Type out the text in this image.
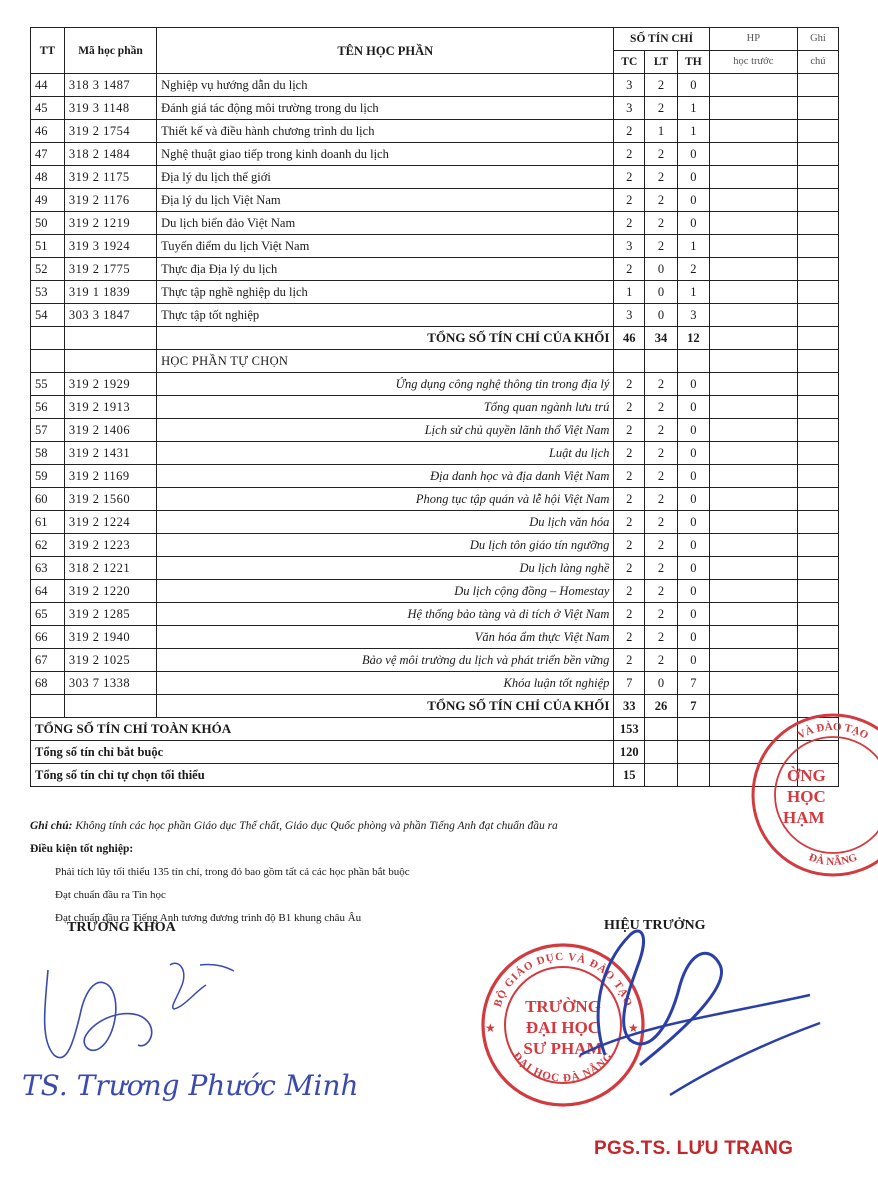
TT	Mã học phần	TÊN HỌC PHẦN	SỐ TÍN CHỈ			HP	Ghi
			TC	LT	TH	học trước	chú
44	318 3 1487	Nghiệp vụ hướng dẫn du lịch	3	2	0		
45	319 3 1148	Đánh giá tác động môi trường trong du lịch	3	2	1		
46	319 2 1754	Thiết kế và điều hành chương trình du lịch	2	1	1		
47	318 2 1484	Nghệ thuật giao tiếp trong kinh doanh du lịch	2	2	0		
48	319 2 1175	Địa lý du lịch thế giới	2	2	0		
49	319 2 1176	Địa lý du lịch Việt Nam	2	2	0		
50	319 2 1219	Du lịch biển đảo Việt Nam	2	2	0		
51	319 3 1924	Tuyến điểm du lịch Việt Nam	3	2	1		
52	319 2 1775	Thực địa Địa lý du lịch	2	0	2		
53	319 1 1839	Thực tập nghề nghiệp du lịch	1	0	1		
54	303 3 1847	Thực tập tốt nghiệp	3	0	3		
		TỔNG SỐ TÍN CHỈ CỦA KHỐI	46	34	12		
		HỌC PHẦN TỰ CHỌN					
55	319 2 1929	Ứng dụng công nghệ thông tin trong địa lý	2	2	0		
56	319 2 1913	Tổng quan ngành lưu trú	2	2	0		
57	319 2 1406	Lịch sử chủ quyền lãnh thổ Việt Nam	2	2	0		
58	319 2 1431	Luật du lịch	2	2	0		
59	319 2 1169	Địa danh học và địa danh Việt Nam	2	2	0		
60	319 2 1560	Phong tục tập quán và lễ hội Việt Nam	2	2	0		
61	319 2 1224	Du lịch văn hóa	2	2	0		
62	319 2 1223	Du lịch tôn giáo tín ngưỡng	2	2	0		
63	318 2 1221	Du lịch làng nghề	2	2	0		
64	319 2 1220	Du lịch cộng đồng – Homestay	2	2	0		
65	319 2 1285	Hệ thống bảo tàng và di tích ở Việt Nam	2	2	0		
66	319 2 1940	Văn hóa ẩm thực Việt Nam	2	2	0		
67	319 2 1025	Bảo vệ môi trường du lịch và phát triển bền vững	2	2	0		
68	303 7 1338	Khóa luận tốt nghiệp	7	0	7		
		TỔNG SỐ TÍN CHỈ CỦA KHỐI	33	26	7		
TỔNG SỐ TÍN CHỈ TOÀN KHÓA			153				
Tổng số tín chỉ bắt buộc			120				
Tổng số tín chỉ tự chọn tối thiểu			15				
Ghi chú: Không tính các học phần Giáo dục Thể chất, Giáo dục Quốc phòng và phần Tiếng Anh đạt chuẩn đầu ra
Điều kiện tốt nghiệp:
Phải tích lũy tối thiểu 135 tín chỉ, trong đó bao gồm tất cả các học phần bắt buộc
Đạt chuẩn đầu ra Tin học
Đạt chuẩn đầu ra Tiếng Anh tương đương trình độ B1 khung châu Âu
TRƯỞNG KHOA	HIỆU TRƯỞNG
TS. Trương Phước Minh
BỘ GIÁO DỤC VÀ ĐÀO TẠO
ĐẠI HỌC ĐÀ NẴNG
TRƯỜNG
ĐẠI HỌC
SƯ PHẠM
★	★
VÀ ĐÀO TẠO
ĐÀ NẴNG
ỜNG
HỌC
HẠM
PGS.TS. LƯU TRANG
